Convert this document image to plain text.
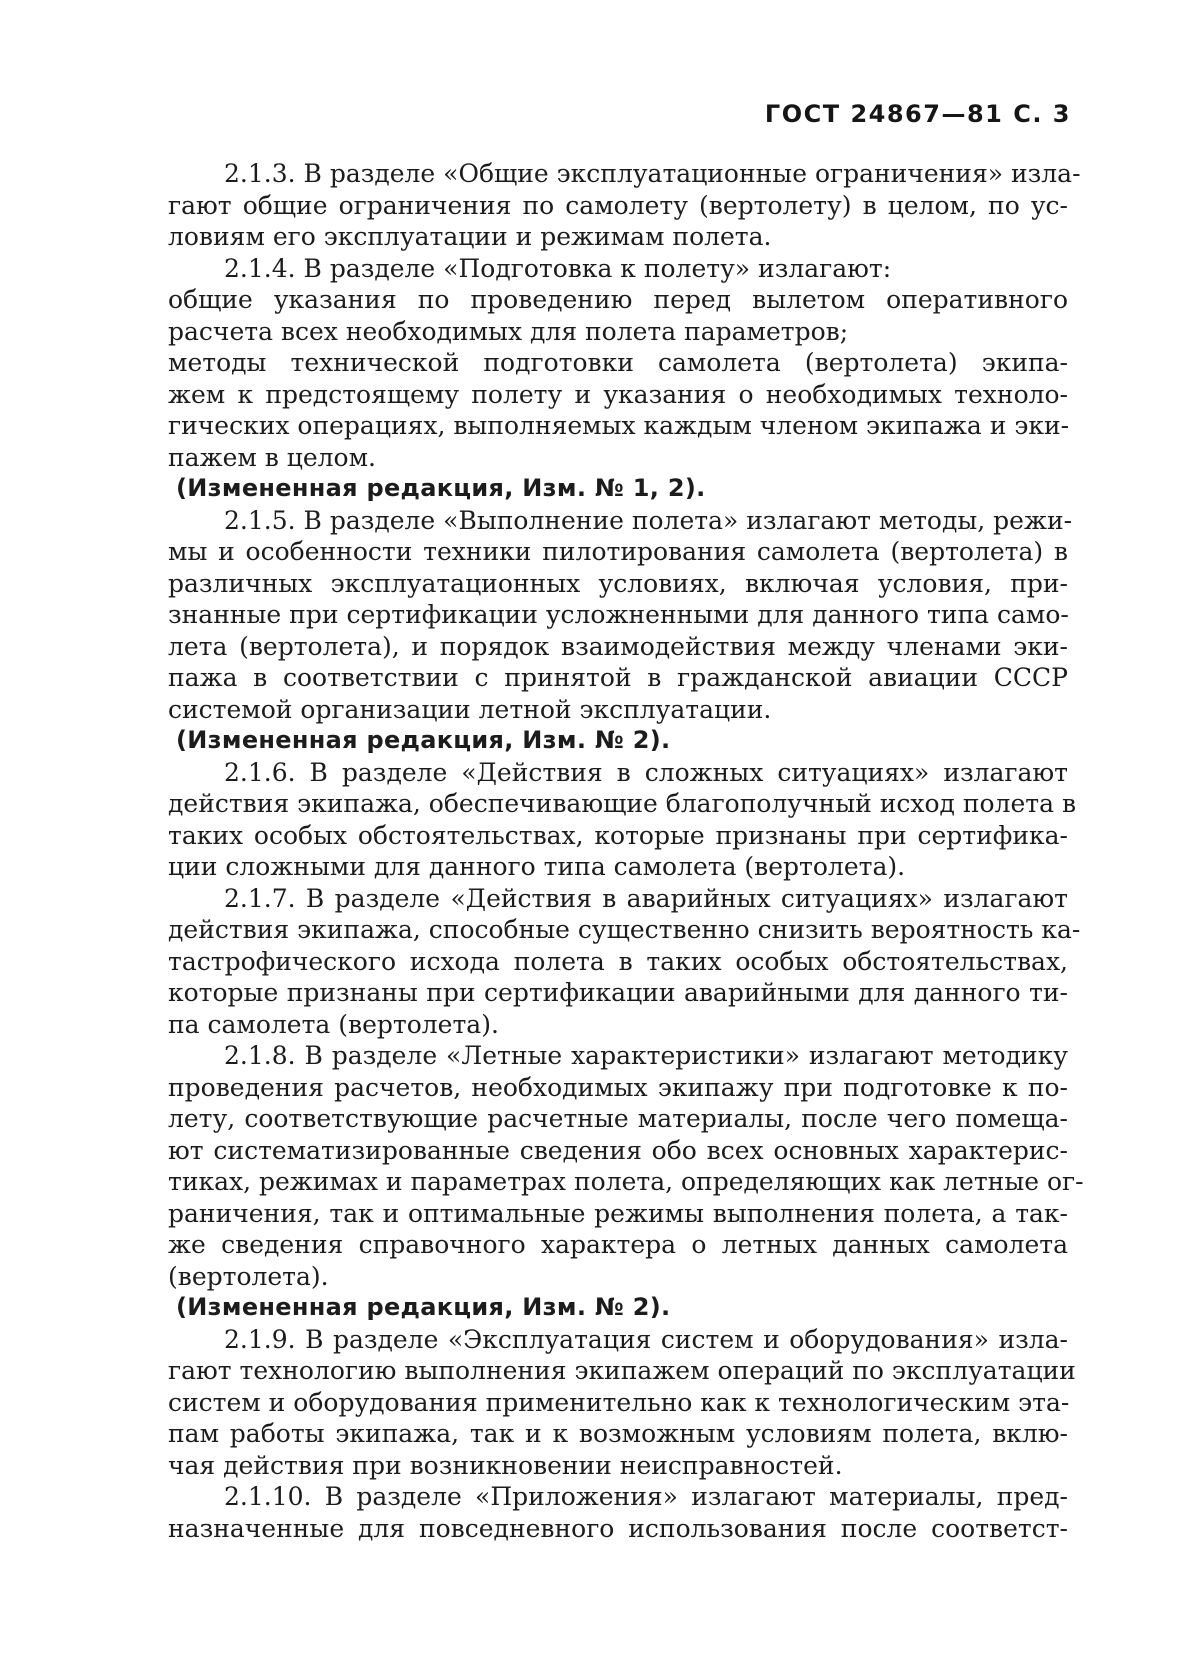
ГОСТ 24867—81 С. 3
2.1.3. В разделе «Общие эксплуатационные ограничения» изла-
гают общие ограничения по самолету (вертолету) в целом, по ус-
ловиям его эксплуатации и режимам полета.
2.1.4. В разделе «Подготовка к полету» излагают:
общие указания по проведению перед вылетом оперативного
расчета всех необходимых для полета параметров;
методы технической подготовки самолета (вертолета) экипа-
жем к предстоящему полету и указания о необходимых техноло-
гических операциях, выполняемых каждым членом экипажа и эки-
пажем в целом.
(Измененная редакция, Изм. № 1, 2).
2.1.5. В разделе «Выполнение полета» излагают методы, режи-
мы и особенности техники пилотирования самолета (вертолета) в
различных эксплуатационных условиях, включая условия, при-
знанные при сертификации усложненными для данного типа само-
лета (вертолета), и порядок взаимодействия между членами эки-
пажа в соответствии с принятой в гражданской авиации СССР
системой организации летной эксплуатации.
(Измененная редакция, Изм. № 2).
2.1.6. В разделе «Действия в сложных ситуациях» излагают
действия экипажа, обеспечивающие благополучный исход полета в
таких особых обстоятельствах, которые признаны при сертифика-
ции сложными для данного типа самолета (вертолета).
2.1.7. В разделе «Действия в аварийных ситуациях» излагают
действия экипажа, способные существенно снизить вероятность ка-
тастрофического исхода полета в таких особых обстоятельствах,
которые признаны при сертификации аварийными для данного ти-
па самолета (вертолета).
2.1.8. В разделе «Летные характеристики» излагают методику
проведения расчетов, необходимых экипажу при подготовке к по-
лету, соответствующие расчетные материалы, после чего помеща-
ют систематизированные сведения обо всех основных характерис-
тиках, режимах и параметрах полета, определяющих как летные ог-
раничения, так и оптимальные режимы выполнения полета, а так-
же сведения справочного характера о летных данных самолета
(вертолета).
(Измененная редакция, Изм. № 2).
2.1.9. В разделе «Эксплуатация систем и оборудования» изла-
гают технологию выполнения экипажем операций по эксплуатации
систем и оборудования применительно как к технологическим эта-
пам работы экипажа, так и к возможным условиям полета, вклю-
чая действия при возникновении неисправностей.
2.1.10. В разделе «Приложения» излагают материалы, пред-
назначенные для повседневного использования после соответст-
